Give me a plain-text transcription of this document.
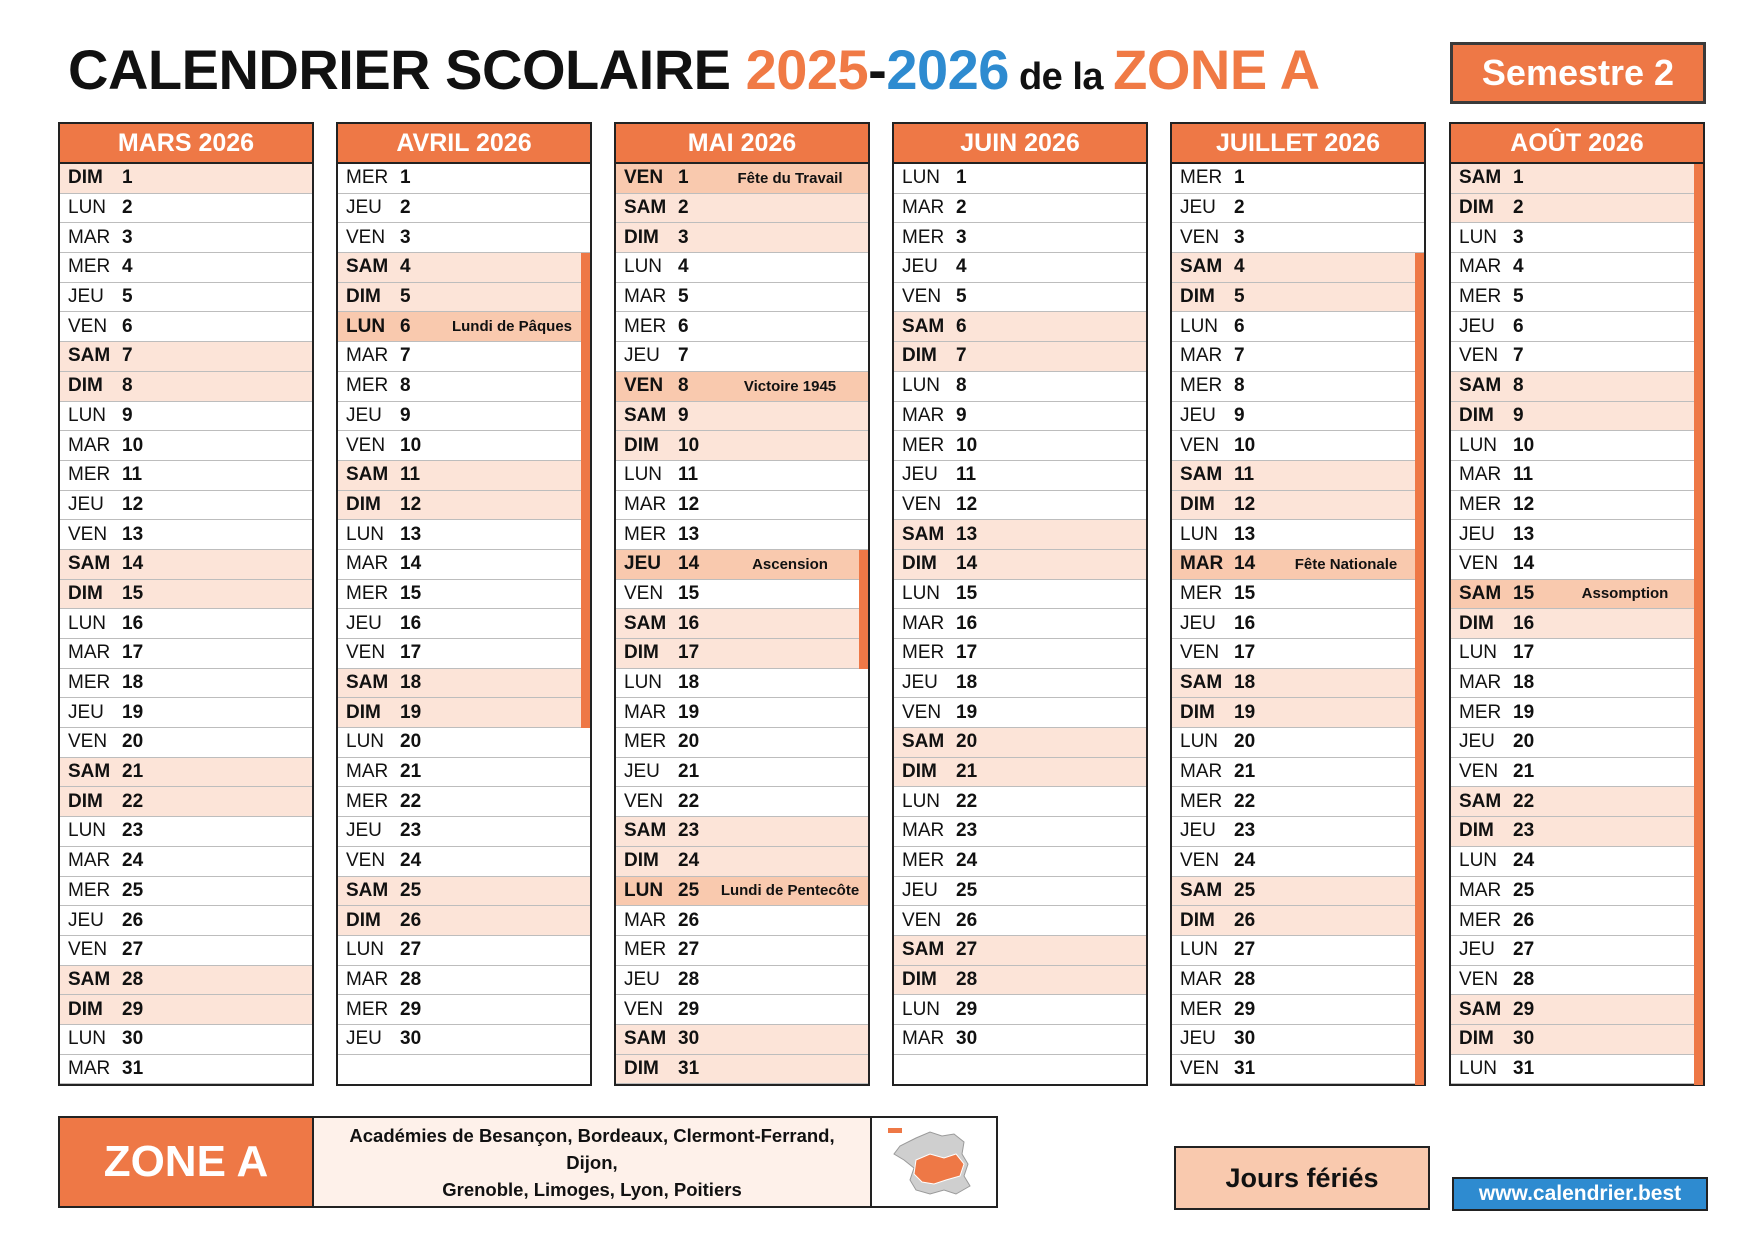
CALENDRIER SCOLAIRE 2025-2026 de la ZONE A	Semestre 2
MARS 2026
DIM	1
LUN 2
MAR 3
MER 4
JEU 5
VEN 6
SAM 7
DIM	8
LUN 9
MAR 10
MER 11
JEU 12
VEN 13
SAM 14
DIM	15
LUN 16
MAR 17
MER 18
JEU 19
VEN 20
SAM 21
DIM	22
LUN 23
MAR 24
MER 25
JEU 26
VEN 27
SAM 28
DIM	29
LUN 30
MAR 31
AVRIL 2026
MER 1
JEU 2
VEN 3
SAM 4
DIM	5
LUN 6	Lundi de Pâques
MAR 7
MER 8
JEU 9
VEN 10
SAM 11
DIM	12
LUN 13
MAR 14
MER 15
JEU 16
VEN 17
SAM 18
DIM	19
LUN 20
MAR 21
MER 22
JEU 23
VEN 24
SAM 25
DIM	26
LUN 27
MAR 28
MER 29
JEU 30
MAI 2026
VEN 1	Fête du Travail
SAM 2
DIM	3
LUN 4
MAR 5
MER 6
JEU 7
VEN 8	Victoire 1945
SAM 9
DIM	10
LUN 11
MAR 12
MER 13
JEU 14	Ascension
VEN 15
SAM 16
DIM	17
LUN 18
MAR 19
MER 20
JEU 21
VEN 22
SAM 23
DIM	24
LUN 25	Lundi de Pentecôte
MAR 26
MER 27
JEU 28
VEN 29
SAM 30
DIM	31
JUIN 2026
LUN 1
MAR 2
MER 3
JEU 4
VEN 5
SAM 6
DIM	7
LUN 8
MAR 9
MER 10
JEU 11
VEN 12
SAM 13
DIM	14
LUN 15
MAR 16
MER 17
JEU 18
VEN 19
SAM 20
DIM	21
LUN 22
MAR 23
MER 24
JEU 25
VEN 26
SAM 27
DIM	28
LUN 29
MAR 30
JUILLET 2026
MER 1
JEU 2
VEN 3
SAM 4
DIM	5
LUN 6
MAR 7
MER 8
JEU 9
VEN 10
SAM 11
DIM	12
LUN 13
MAR 14	Fête Nationale
MER 15
JEU 16
VEN 17
SAM 18
DIM	19
LUN 20
MAR 21
MER 22
JEU 23
VEN 24
SAM 25
DIM	26
LUN 27
MAR 28
MER 29
JEU 30
VEN 31
AOÛT 2026
SAM 1
DIM	2
LUN 3
MAR 4
MER 5
JEU 6
VEN 7
SAM 8
DIM	9
LUN 10
MAR 11
MER 12
JEU 13
VEN 14
SAM 15	Assomption
DIM	16
LUN 17
MAR 18
MER 19
JEU 20
VEN 21
SAM 22
DIM	23
LUN 24
MAR 25
MER 26
JEU 27
VEN 28
SAM 29
DIM	30
LUN 31
ZONE A
Académies de Besançon, Bordeaux, Clermont-Ferrand, Dijon,
Grenoble, Limoges, Lyon, Poitiers	Jours fériés
www.calendrier.best
